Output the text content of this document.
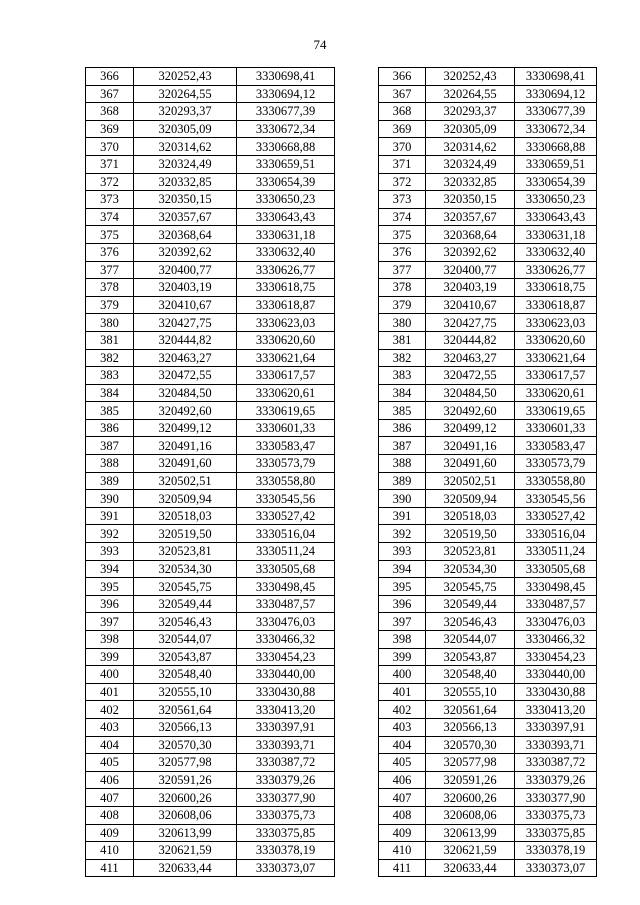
74
366	320252,43	3330698,41
367	320264,55	3330694,12
368	320293,37	3330677,39
369	320305,09	3330672,34
370	320314,62	3330668,88
371	320324,49	3330659,51
372	320332,85	3330654,39
373	320350,15	3330650,23
374	320357,67	3330643,43
375	320368,64	3330631,18
376	320392,62	3330632,40
377	320400,77	3330626,77
378	320403,19	3330618,75
379	320410,67	3330618,87
380	320427,75	3330623,03
381	320444,82	3330620,60
382	320463,27	3330621,64
383	320472,55	3330617,57
384	320484,50	3330620,61
385	320492,60	3330619,65
386	320499,12	3330601,33
387	320491,16	3330583,47
388	320491,60	3330573,79
389	320502,51	3330558,80
390	320509,94	3330545,56
391	320518,03	3330527,42
392	320519,50	3330516,04
393	320523,81	3330511,24
394	320534,30	3330505,68
395	320545,75	3330498,45
396	320549,44	3330487,57
397	320546,43	3330476,03
398	320544,07	3330466,32
399	320543,87	3330454,23
400	320548,40	3330440,00
401	320555,10	3330430,88
402	320561,64	3330413,20
403	320566,13	3330397,91
404	320570,30	3330393,71
405	320577,98	3330387,72
406	320591,26	3330379,26
407	320600,26	3330377,90
408	320608,06	3330375,73
409	320613,99	3330375,85
410	320621,59	3330378,19
411	320633,44	3330373,07
366	320252,43	3330698,41
367	320264,55	3330694,12
368	320293,37	3330677,39
369	320305,09	3330672,34
370	320314,62	3330668,88
371	320324,49	3330659,51
372	320332,85	3330654,39
373	320350,15	3330650,23
374	320357,67	3330643,43
375	320368,64	3330631,18
376	320392,62	3330632,40
377	320400,77	3330626,77
378	320403,19	3330618,75
379	320410,67	3330618,87
380	320427,75	3330623,03
381	320444,82	3330620,60
382	320463,27	3330621,64
383	320472,55	3330617,57
384	320484,50	3330620,61
385	320492,60	3330619,65
386	320499,12	3330601,33
387	320491,16	3330583,47
388	320491,60	3330573,79
389	320502,51	3330558,80
390	320509,94	3330545,56
391	320518,03	3330527,42
392	320519,50	3330516,04
393	320523,81	3330511,24
394	320534,30	3330505,68
395	320545,75	3330498,45
396	320549,44	3330487,57
397	320546,43	3330476,03
398	320544,07	3330466,32
399	320543,87	3330454,23
400	320548,40	3330440,00
401	320555,10	3330430,88
402	320561,64	3330413,20
403	320566,13	3330397,91
404	320570,30	3330393,71
405	320577,98	3330387,72
406	320591,26	3330379,26
407	320600,26	3330377,90
408	320608,06	3330375,73
409	320613,99	3330375,85
410	320621,59	3330378,19
411	320633,44	3330373,07
